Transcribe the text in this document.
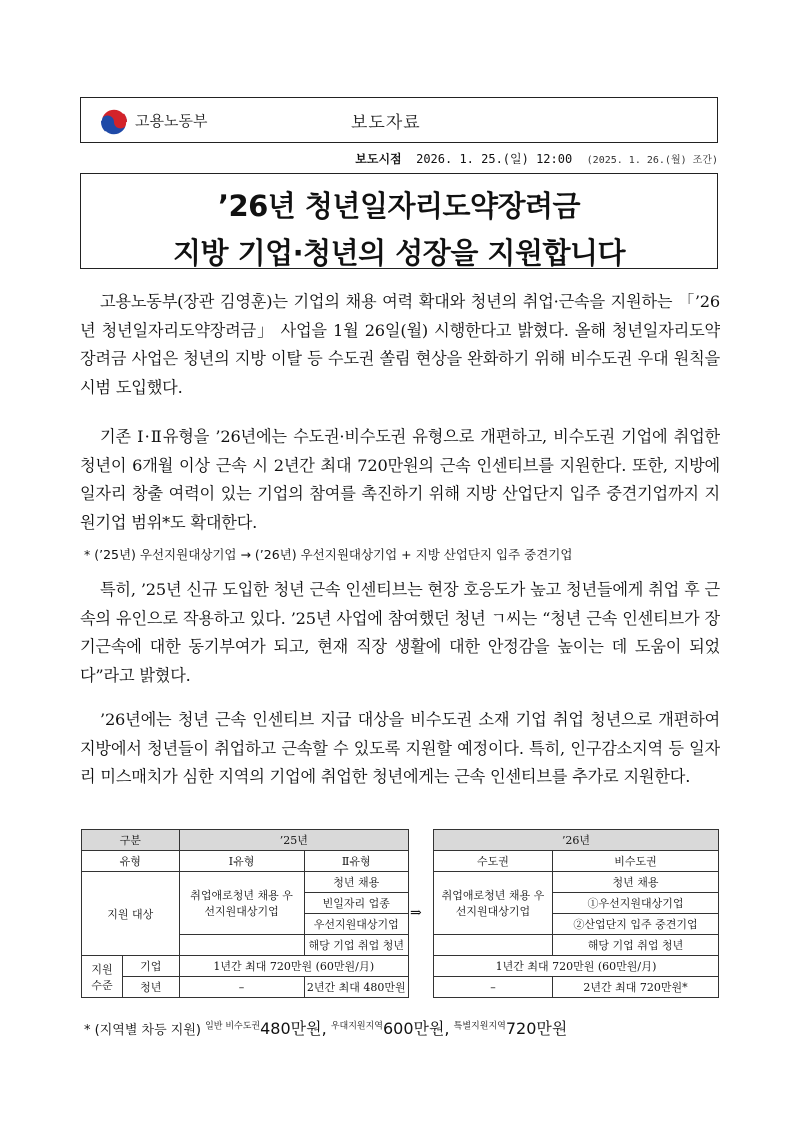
고용노동부	보도자료
보도시점 2026. 1. 25.(일) 12:00 (2025. 1. 26.(월) 조간)
’26년 청년일자리도약장려금
지방 기업·청년의 성장을 지원합니다
고용노동부(장관 김영훈)는 기업의 채용 여력 확대와 청년의 취업·근속을 지원하는 「’26년 청년일자리도약장려금」 사업을 1월 26일(월) 시행한다고 밝혔다. 올해 청년일자리도약장려금 사업은 청년의 지방 이탈 등 수도권 쏠림 현상을 완화하기 위해 비수도권 우대 원칙을 시범 도입했다.
기존 Ⅰ·Ⅱ유형을 ’26년에는 수도권·비수도권 유형으로 개편하고, 비수도권 기업에 취업한 청년이 6개월 이상 근속 시 2년간 최대 720만원의 근속 인센티브를 지원한다. 또한, 지방에 일자리 창출 여력이 있는 기업의 참여를 촉진하기 위해 지방 산업단지 입주 중견기업까지 지원기업 범위*도 확대한다.
* (’25년) 우선지원대상기업 → (’26년) 우선지원대상기업 + 지방 산업단지 입주 중견기업
특히, ’25년 신규 도입한 청년 근속 인센티브는 현장 호응도가 높고 청년들에게 취업 후 근속의 유인으로 작용하고 있다. ’25년 사업에 참여했던 청년 ㄱ씨는 “청년 근속 인센티브가 장기근속에 대한 동기부여가 되고, 현재 직장 생활에 대한 안정감을 높이는 데 도움이 되었다”라고 밝혔다.
’26년에는 청년 근속 인센티브 지급 대상을 비수도권 소재 기업 취업 청년으로 개편하여 지방에서 청년들이 취업하고 근속할 수 있도록 지원할 예정이다. 특히, 인구감소지역 등 일자리 미스매치가 심한 지역의 기업에 취업한 청년에게는 근속 인센티브를 추가로 지원한다.
구분		’25년	
유형		Ⅰ유형	Ⅱ유형
지원 대상		취업애로청년 채용 우선지원대상기업	청년 채용
			빈일자리 업종
			우선지원대상기업
			해당 기업 취업 청년
지원 수준	기업	1년간 최대 720만원 (60만원/月)	
	청년	–	2년간 최대 480만원
⇒
’26년	
수도권	비수도권
취업애로청년 채용 우선지원대상기업	청년 채용
	①우선지원대상기업
	②산업단지 입주 중견기업
	해당 기업 취업 청년
1년간 최대 720만원 (60만원/月)	
–	2년간 최대 720만원*
* (지역별 차등 지원) $^{일반 비수도권}$480만원, $^{우대지원지역}$600만원, $^{특별지원지역}$720만원
